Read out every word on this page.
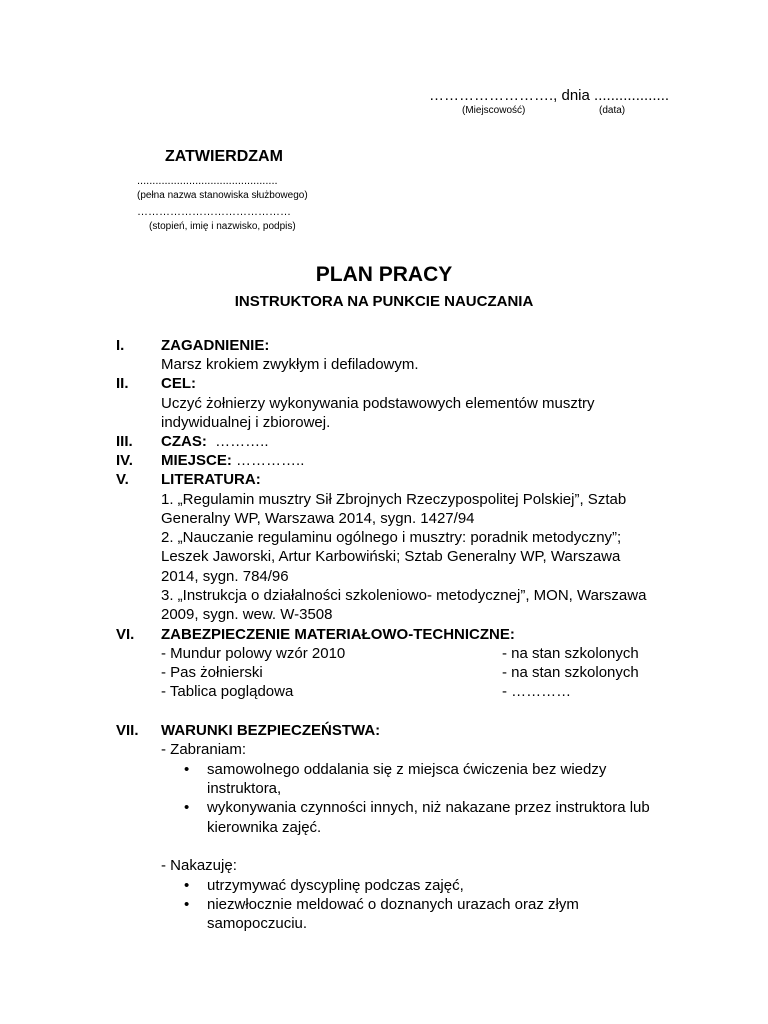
……………………., dnia ..................
(Miejscowość)	(data)
ZATWIERDZAM
..............................................
(pełna nazwa stanowiska służbowego)
……………………………………
(stopień, imię i nazwisko, podpis)
PLAN PRACY
INSTRUKTORA NA PUNKCIE NAUCZANIA
I. ZAGADNIENIE:
Marsz krokiem zwykłym i defiladowym.
II. CEL:
Uczyć żołnierzy wykonywania podstawowych elementów musztry
indywidualnej i zbiorowej.
III. CZAS: ………..
IV. MIEJSCE: …………..
V. LITERATURA:
1. „Regulamin musztry Sił Zbrojnych Rzeczypospolitej Polskiej”, Sztab
Generalny WP, Warszawa 2014, sygn. 1427/94
2. „Nauczanie regulaminu ogólnego i musztry: poradnik metodyczny”;
Leszek Jaworski, Artur Karbowiński; Sztab Generalny WP, Warszawa
2014, sygn. 784/96
3. „Instrukcja o działalności szkoleniowo- metodycznej”, MON, Warszawa
2009, sygn. wew. W-3508
VI. ZABEZPIECZENIE MATERIAŁOWO-TECHNICZNE:
- Mundur polowy wzór 2010	- na stan szkolonych
- Pas żołnierski	- na stan szkolonych
- Tablica poglądowa	- …………
VII. WARUNKI BEZPIECZEŃSTWA:
- Zabraniam:
• samowolnego oddalania się z miejsca ćwiczenia bez wiedzy
instruktora,
• wykonywania czynności innych, niż nakazane przez instruktora lub
kierownika zajęć.
- Nakazuję:
• utrzymywać dyscyplinę podczas zajęć,
• niezwłocznie meldować o doznanych urazach oraz złym
samopoczuciu.
